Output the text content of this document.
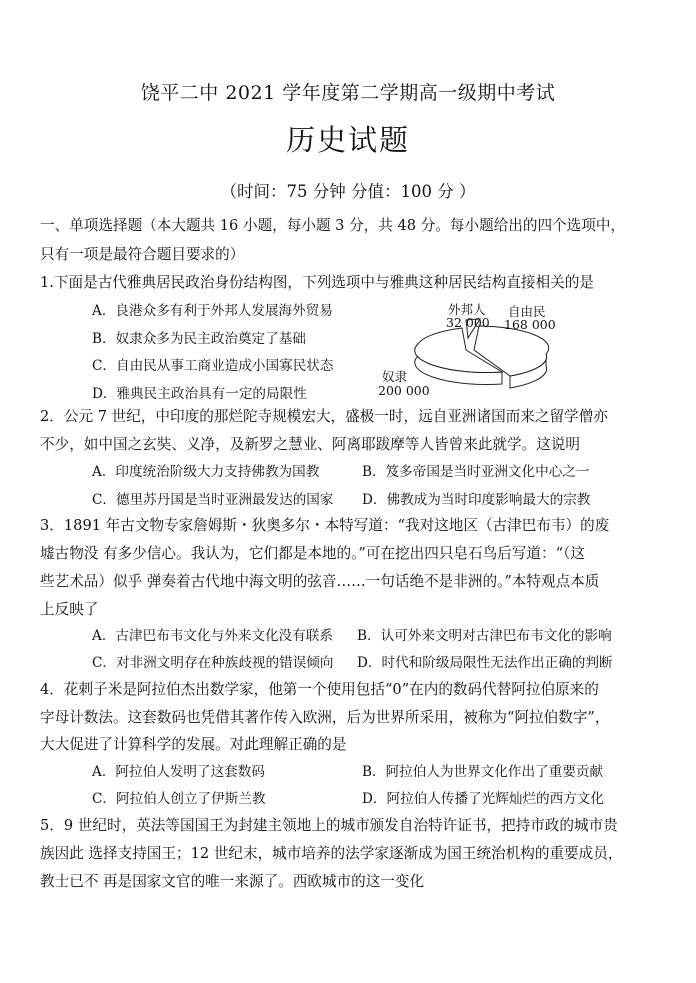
饶平二中 2021 学年度第二学期高一级期中考试
历史试题
（时间：75 分钟 分值：100 分 ）
一、单项选择题（本大题共 16 小题，每小题 3 分，共 48 分。每小题给出的四个选项中，
只有一项是最符合题目要求的）
1.下面是古代雅典居民政治身份结构图，下列选项中与雅典这种居民结构直接相关的是
A．良港众多有利于外邦人发展海外贸易
B．奴隶众多为民主政治奠定了基础
C．自由民从事工商业造成小国寡民状态
D．雅典民主政治具有一定的局限性
外邦人
32 000
自由民
168 000
奴隶
200 000
2．公元 7 世纪，中印度的那烂陀寺规模宏大，盛极一时，远自亚洲诸国而来之留学僧亦
不少，如中国之玄奘、义净，及新罗之慧业、阿离耶跋摩等人皆曾来此就学。这说明
A．印度统治阶级大力支持佛教为国教	B．笈多帝国是当时亚洲文化中心之一
C．德里苏丹国是当时亚洲最发达的国家 D．佛教成为当时印度影响最大的宗教
3．1891 年古文物专家詹姆斯・狄奥多尔・本特写道：“我对这地区（古津巴布韦）的废
墟古物没 有多少信心。我认为，它们都是本地的。”可在挖出四只皂石鸟后写道：“（这
些艺术品）似乎 弹奏着古代地中海文明的弦音……一句话绝不是非洲的。”本特观点本质
上反映了
A．古津巴布韦文化与外来文化没有联系 B．认可外来文明对古津巴布韦文化的影响
C．对非洲文明存在种族歧视的错误倾向 D．时代和阶级局限性无法作出正确的判断
4．花剌子米是阿拉伯杰出数学家，他第一个使用包括“0”在内的数码代替阿拉伯原来的
字母计数法。这套数码也凭借其著作传入欧洲，后为世界所采用，被称为“阿拉伯数字”，
大大促进了计算科学的发展。对此理解正确的是
A．阿拉伯人发明了这套数码	B．阿拉伯人为世界文化作出了重要贡献
C．阿拉伯人创立了伊斯兰教	D．阿拉伯人传播了光辉灿烂的西方文化
5．9 世纪时，英法等国国王为封建主领地上的城市颁发自治特许证书，把持市政的城市贵
族因此 选择支持国王；12 世纪末，城市培养的法学家逐渐成为国王统治机构的重要成员，
教士已不 再是国家文官的唯一来源了。西欧城市的这一变化
